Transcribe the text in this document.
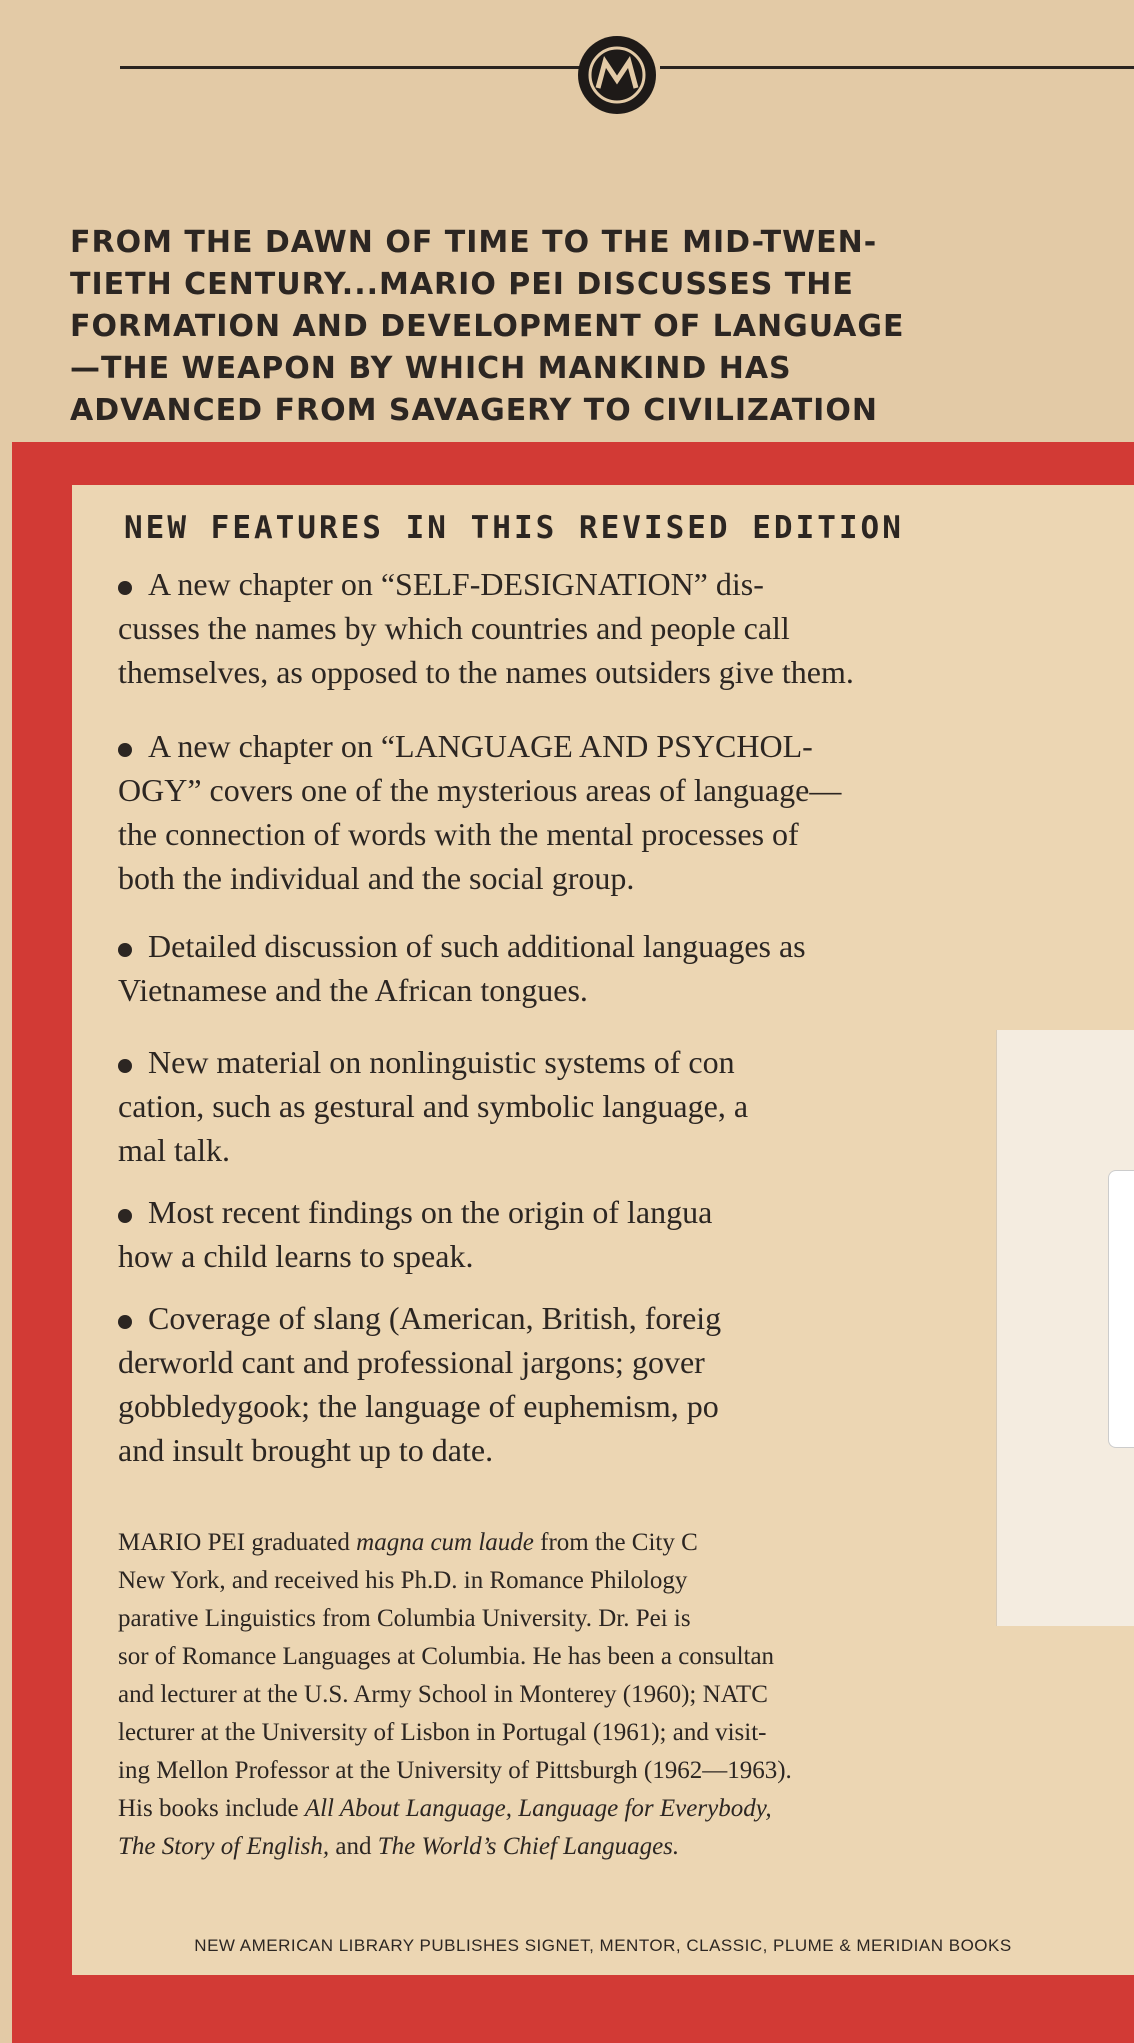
FROM THE DAWN OF TIME TO THE MID-TWEN-
TIETH CENTURY...MARIO PEI DISCUSSES THE
FORMATION AND DEVELOPMENT OF LANGUAGE
—THE WEAPON BY WHICH MANKIND HAS
ADVANCED FROM SAVAGERY TO CIVILIZATION
NEW FEATURES IN THIS REVISED EDITION
A new chapter on “SELF-DESIGNATION” dis-
cusses the names by which countries and people call
themselves, as opposed to the names outsiders give them.
A new chapter on “LANGUAGE AND PSYCHOL-
OGY” covers one of the mysterious areas of language—
the connection of words with the mental processes of
both the individual and the social group.
Detailed discussion of such additional languages as
Vietnamese and the African tongues.
New material on nonlinguistic systems of con
cation, such as gestural and symbolic language, a
mal talk.
Most recent findings on the origin of langua
how a child learns to speak.
Coverage of slang (American, British, foreig
derworld cant and professional jargons; gover
gobbledygook; the language of euphemism, po
and insult brought up to date.
MARIO PEI graduated magna cum laude from the City C
New York, and received his Ph.D. in Romance Philology
parative Linguistics from Columbia University. Dr. Pei is
sor of Romance Languages at Columbia. He has been a consultan
and lecturer at the U.S. Army School in Monterey (1960); NATC
lecturer at the University of Lisbon in Portugal (1961); and visit-
ing Mellon Professor at the University of Pittsburgh (1962—1963).
His books include All About Language, Language for Everybody,
The Story of English, and The World’s Chief Languages.
NEW AMERICAN LIBRARY PUBLISHES SIGNET, MENTOR, CLASSIC, PLUME & MERIDIAN BOOKS
